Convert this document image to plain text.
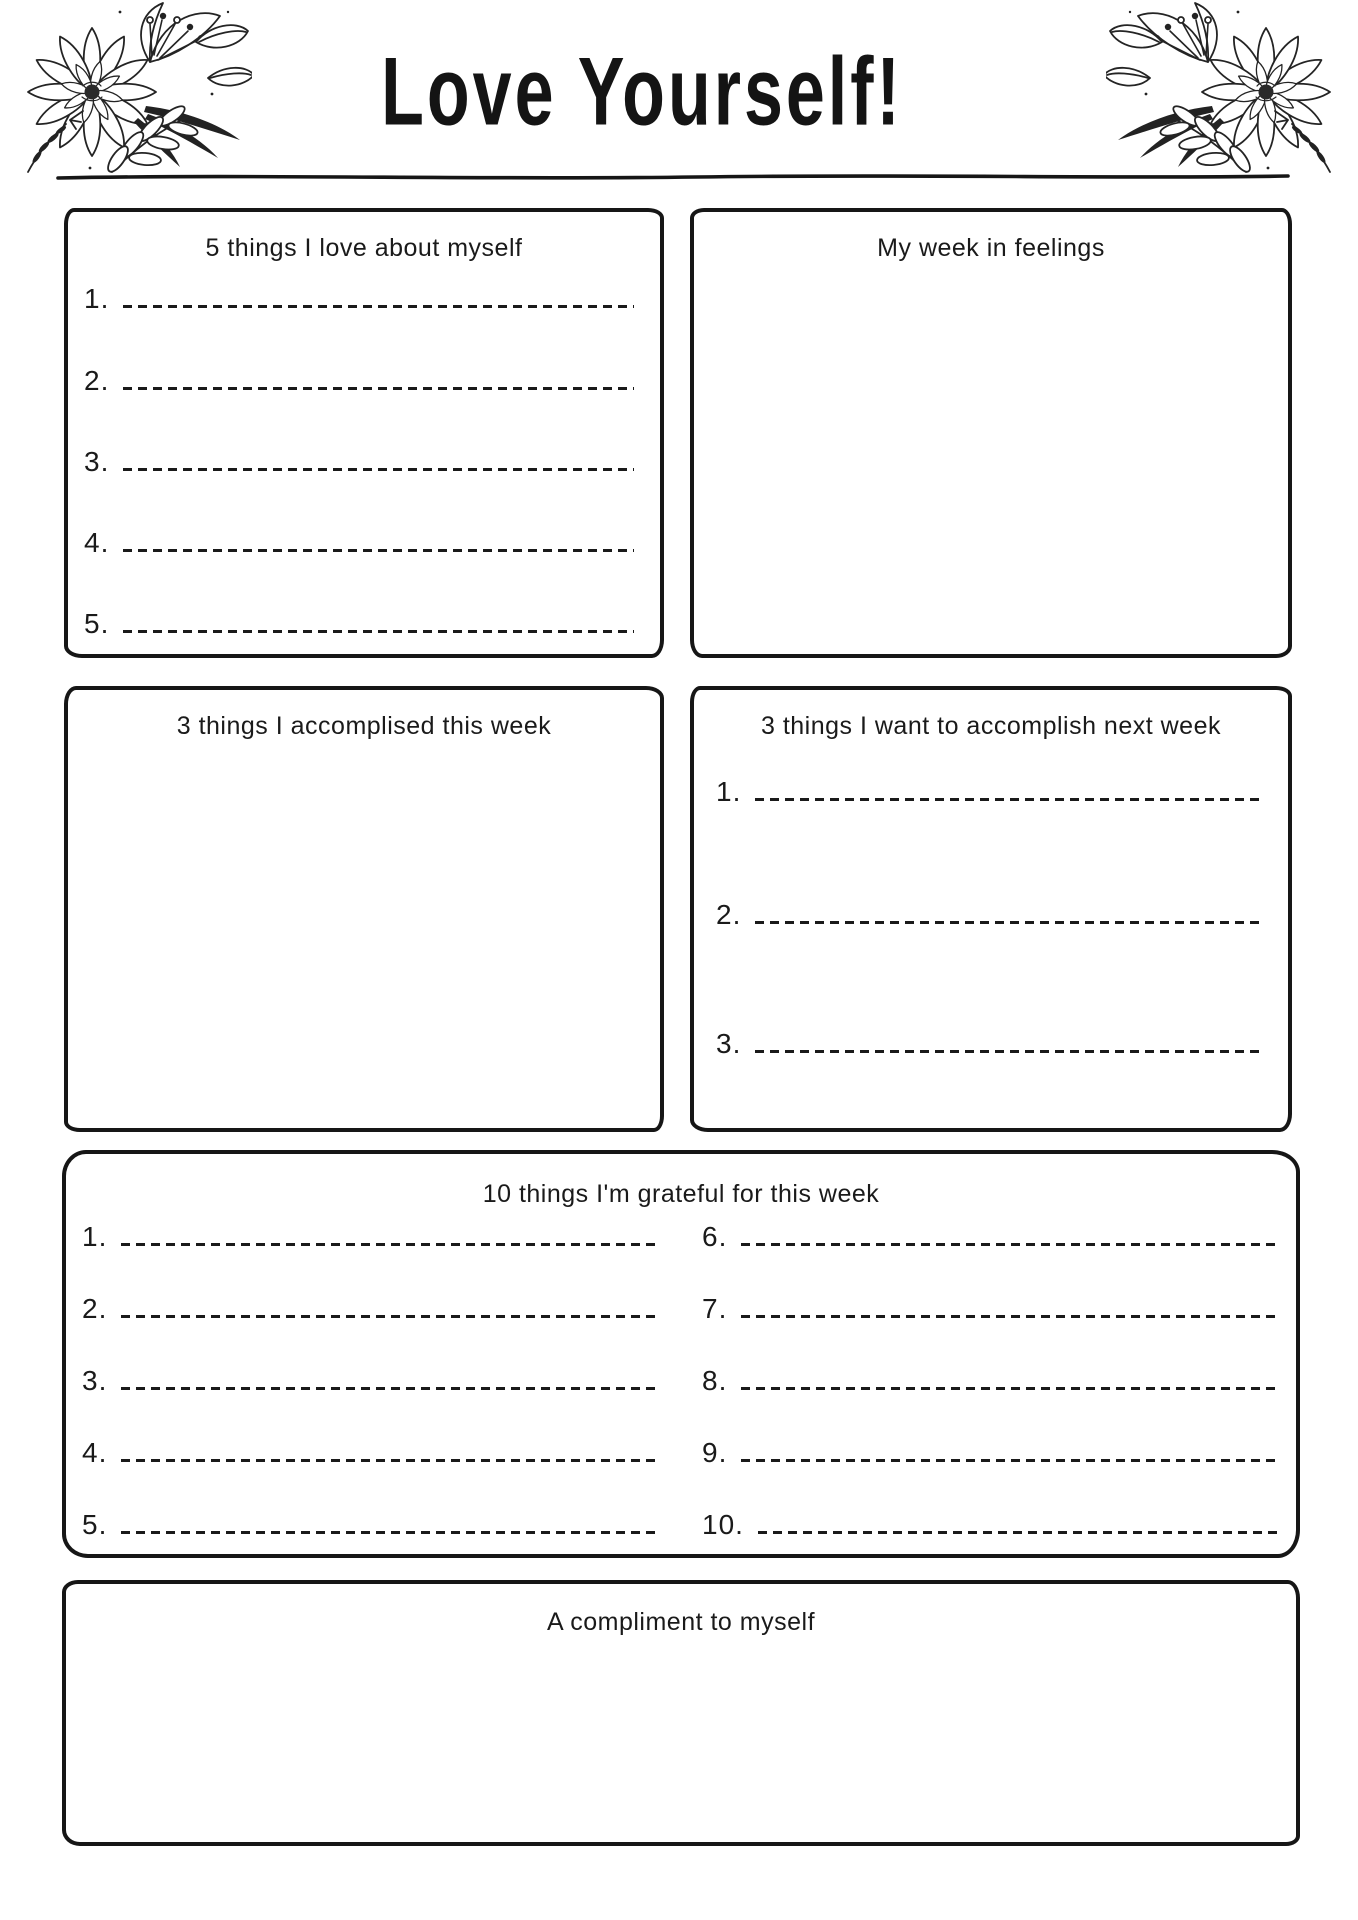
Love Yourself!
5 things I love about myself
1.
2.
3.
4.
5.
My week in feelings
3 things I accomplised this week	3 things I want to accomplish next week
1.
2.
3.
10 things I'm grateful for this week
1.
2.
3.
4.
5.
6.
7.
8.
9.
10.
A compliment to myself
